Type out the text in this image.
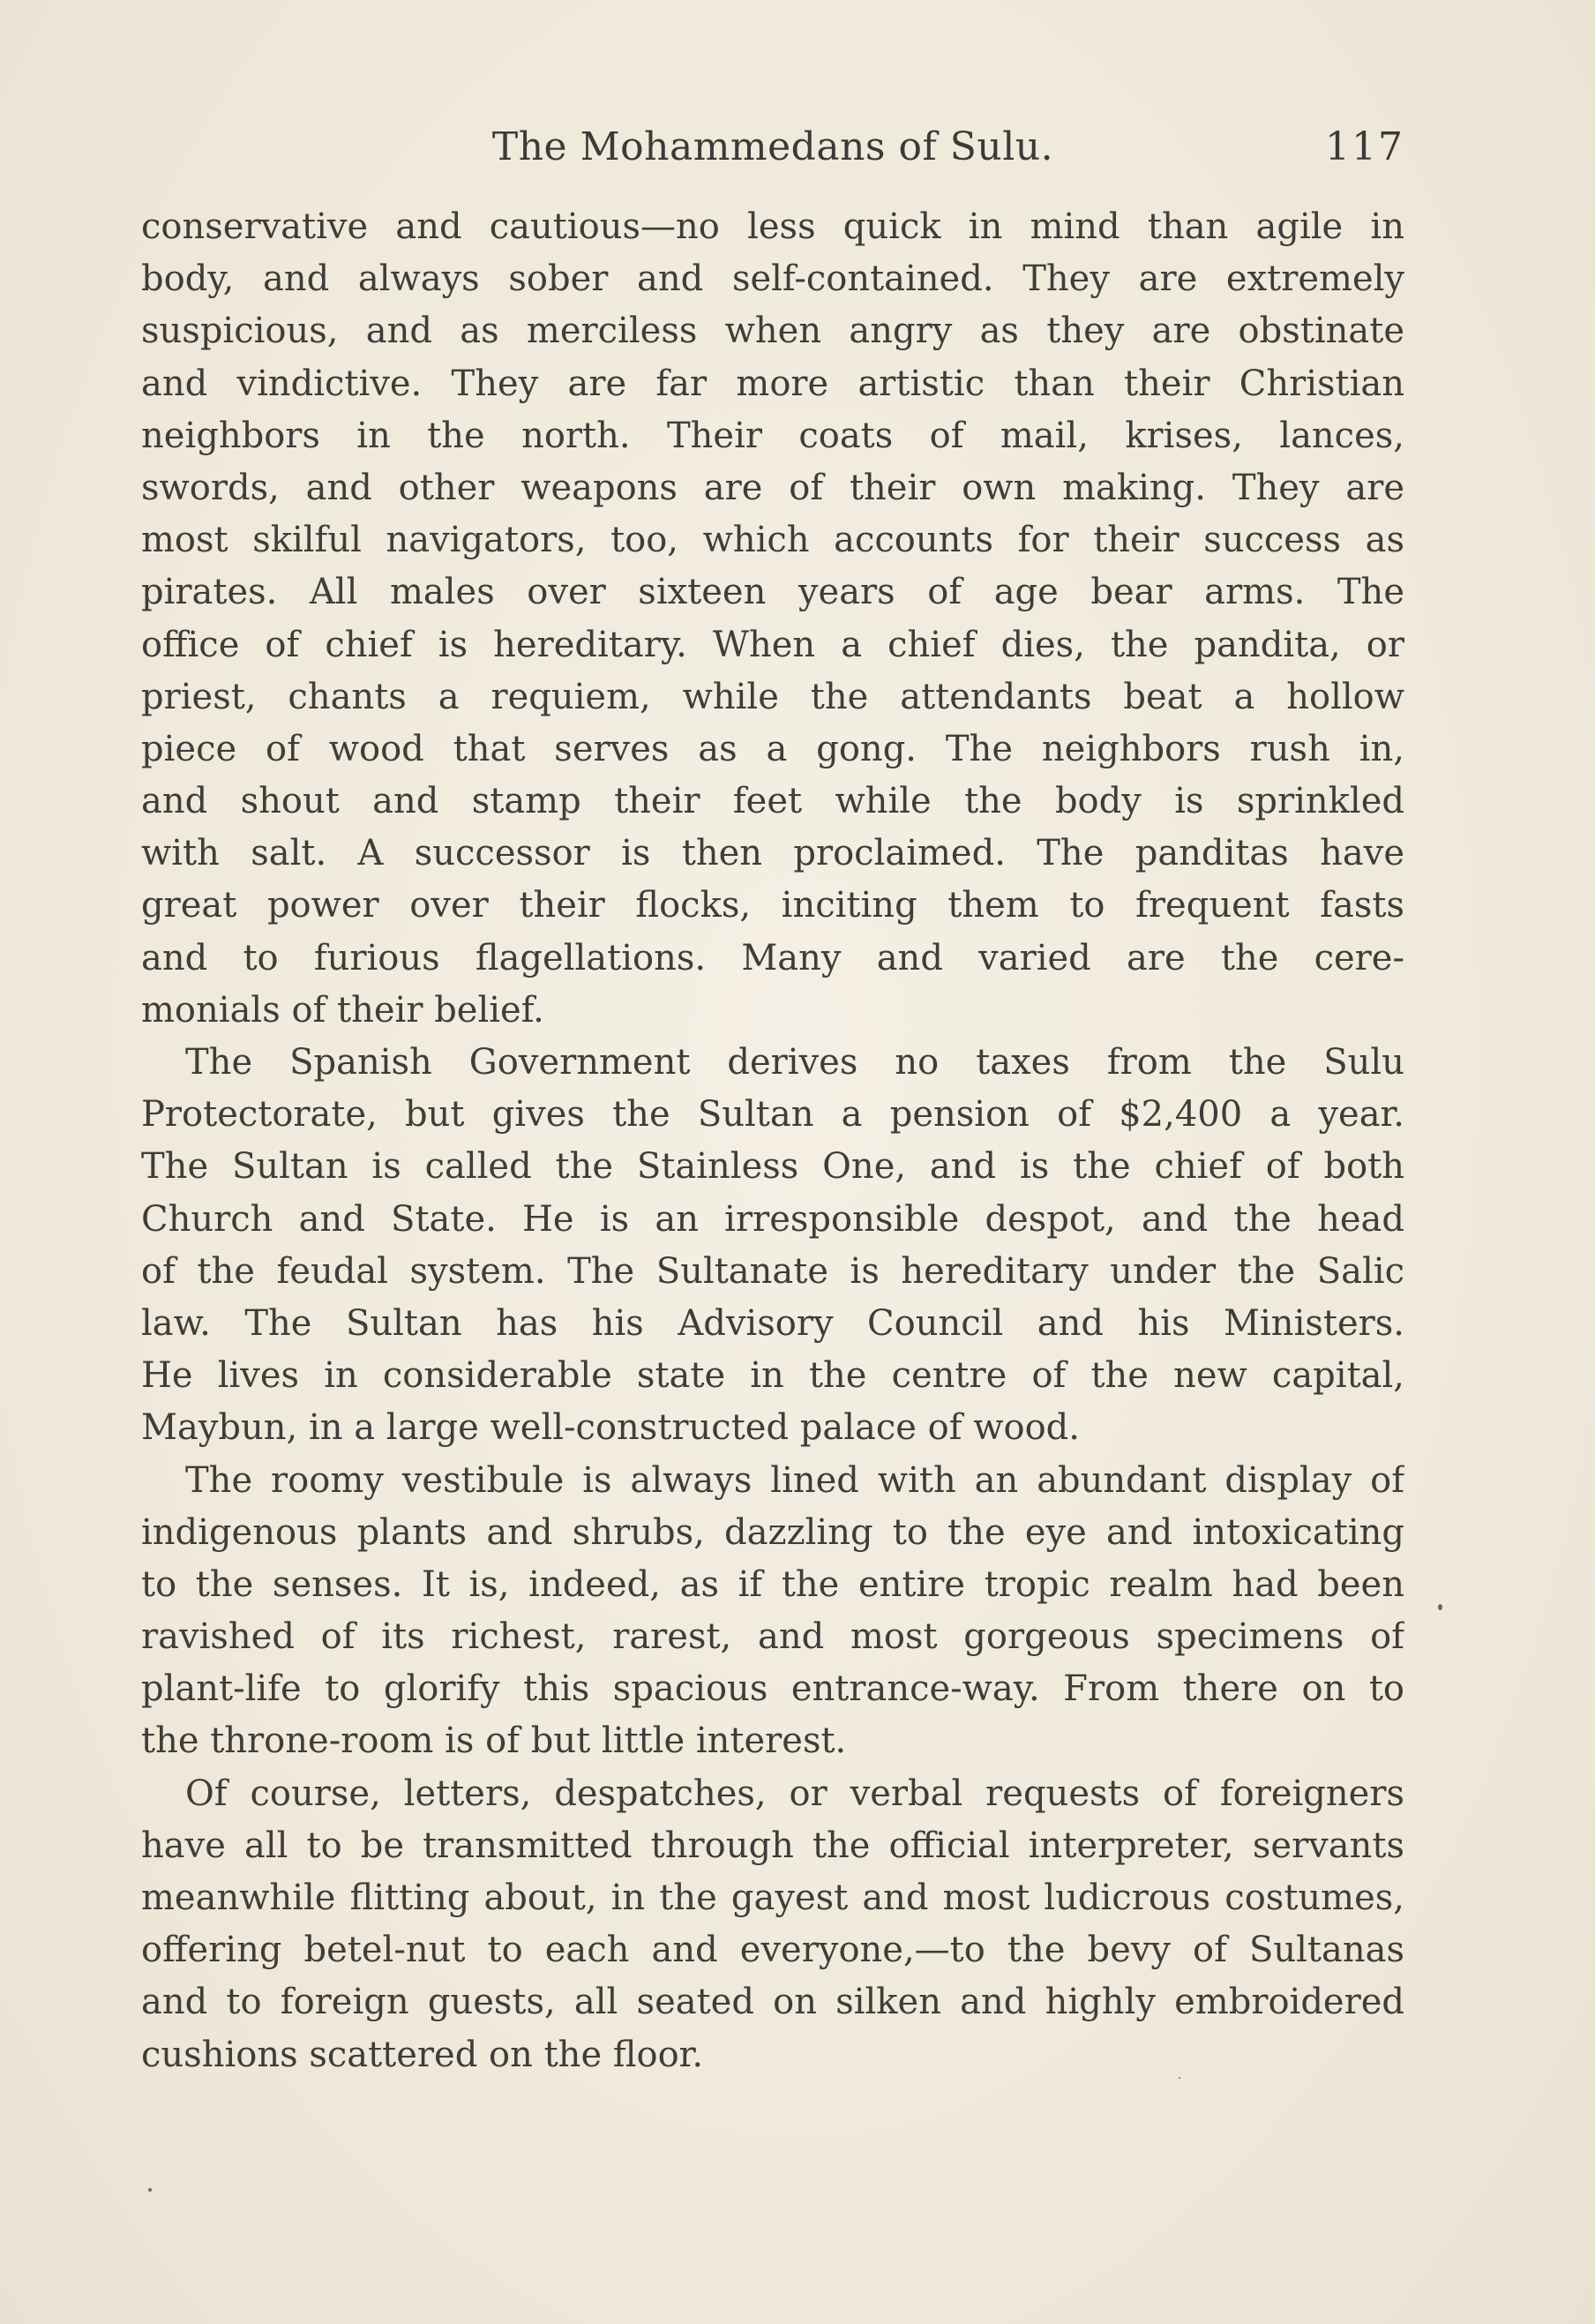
The Mohammedans of Sulu.	117
conservative and cautious—no less quick in mind than agile in
body, and always sober and self-contained. They are extremely
suspicious, and as merciless when angry as they are obstinate
and vindictive. They are far more artistic than their Christian
neighbors in the north. Their coats of mail, krises, lances,
swords, and other weapons are of their own making. They are
most skilful navigators, too, which accounts for their success as
pirates. All males over sixteen years of age bear arms. The
office of chief is hereditary. When a chief dies, the pandita, or
priest, chants a requiem, while the attendants beat a hollow
piece of wood that serves as a gong. The neighbors rush in,
and shout and stamp their feet while the body is sprinkled
with salt. A successor is then proclaimed. The panditas have
great power over their flocks, inciting them to frequent fasts
and to furious flagellations. Many and varied are the cere-
monials of their belief.
The Spanish Government derives no taxes from the Sulu
Protectorate, but gives the Sultan a pension of $2,400 a year.
The Sultan is called the Stainless One, and is the chief of both
Church and State. He is an irresponsible despot, and the head
of the feudal system. The Sultanate is hereditary under the Salic
law. The Sultan has his Advisory Council and his Ministers.
He lives in considerable state in the centre of the new capital,
Maybun, in a large well-constructed palace of wood.
The roomy vestibule is always lined with an abundant display of
indigenous plants and shrubs, dazzling to the eye and intoxicating
to the senses. It is, indeed, as if the entire tropic realm had been
ravished of its richest, rarest, and most gorgeous specimens of
plant-life to glorify this spacious entrance-way. From there on to
the throne-room is of but little interest.
Of course, letters, despatches, or verbal requests of foreigners
have all to be transmitted through the official interpreter, servants
meanwhile flitting about, in the gayest and most ludicrous costumes,
offering betel-nut to each and everyone,—to the bevy of Sultanas
and to foreign guests, all seated on silken and highly embroidered
cushions scattered on the floor.
